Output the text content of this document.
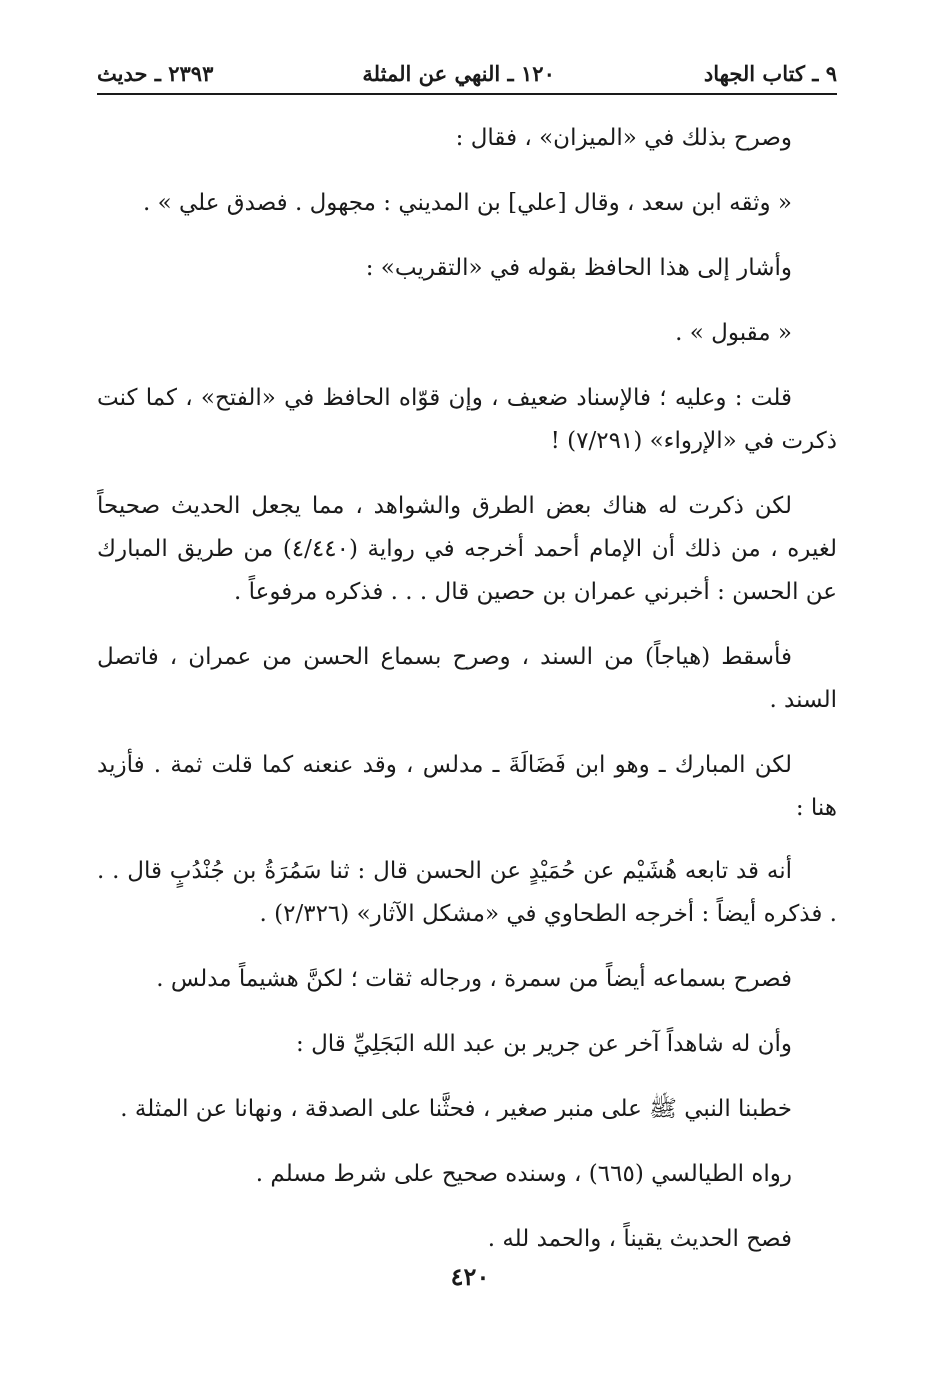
٩ ـ كتاب الجهاد
١٢٠ ـ النهي عن المثلة
٢٣٩٣ ـ حديث

وصرح بذلك في «الميزان» ، فقال :

« وثقه ابن سعد ، وقال [علي] بن المديني : مجهول . فصدق علي » .

وأشار إلى هذا الحافظ بقوله في «التقريب» :

« مقبول » .

قلت : وعليه ؛ فالإسناد ضعيف ، وإن قوّاه الحافظ في «الفتح» ، كما كنت ذكرت في «الإرواء» (٧/٢٩١) !

لكن ذكرت له هناك بعض الطرق والشواهد ، مما يجعل الحديث صحيحاً لغيره ، من ذلك أن الإمام أحمد أخرجه في رواية (٤/٤٤٠) من طريق المبارك عن الحسن : أخبرني عمران بن حصين قال . . . فذكره مرفوعاً .

فأسقط (هياجاً) من السند ، وصرح بسماع الحسن من عمران ، فاتصل السند .

لكن المبارك ـ وهو ابن فَضَالَةَ ـ مدلس ، وقد عنعنه كما قلت ثمة . فأزيد هنا :

أنه قد تابعه هُشَيْم عن حُمَيْدٍ عن الحسن قال : ثنا سَمُرَةُ بن جُنْدُبٍ قال . . . فذكره أيضاً : أخرجه الطحاوي في «مشكل الآثار» (٢/٣٢٦) .

فصرح بسماعه أيضاً من سمرة ، ورجاله ثقات ؛ لكنَّ هشيماً مدلس .

وأن له شاهداً آخر عن جرير بن عبد الله البَجَلِيِّ قال :

خطبنا النبي ﷺ على منبر صغير ، فحثَّنا على الصدقة ، ونهانا عن المثلة .

رواه الطيالسي (٦٦٥) ، وسنده صحيح على شرط مسلم .

فصح الحديث يقيناً ، والحمد لله .

٤٢٠
